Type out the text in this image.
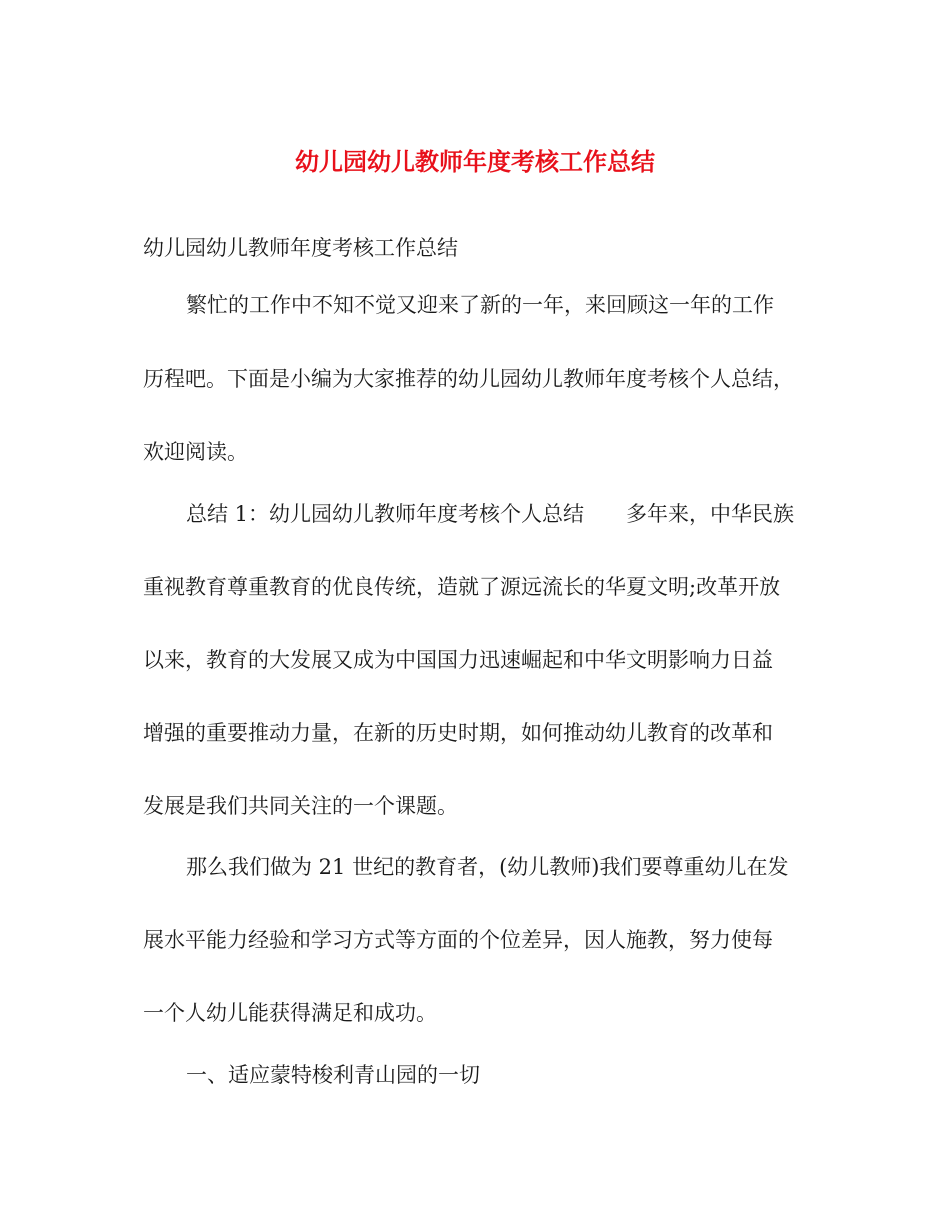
幼儿园幼儿教师年度考核工作总结

幼儿园幼儿教师年度考核工作总结

繁忙的工作中不知不觉又迎来了新的一年，来回顾这一年的工作

历程吧。下面是小编为大家推荐的幼儿园幼儿教师年度考核个人总结，

欢迎阅读。

总结 1：幼儿园幼儿教师年度考核个人总结　　多年来，中华民族

重视教育尊重教育的优良传统，造就了源远流长的华夏文明;改革开放

以来，教育的大发展又成为中国国力迅速崛起和中华文明影响力日益

增强的重要推动力量，在新的历史时期，如何推动幼儿教育的改革和

发展是我们共同关注的一个课题。

那么我们做为 21 世纪的教育者，(幼儿教师)我们要尊重幼儿在发

展水平能力经验和学习方式等方面的个位差异，因人施教，努力使每

一个人幼儿能获得满足和成功。

一、适应蒙特梭利青山园的一切
